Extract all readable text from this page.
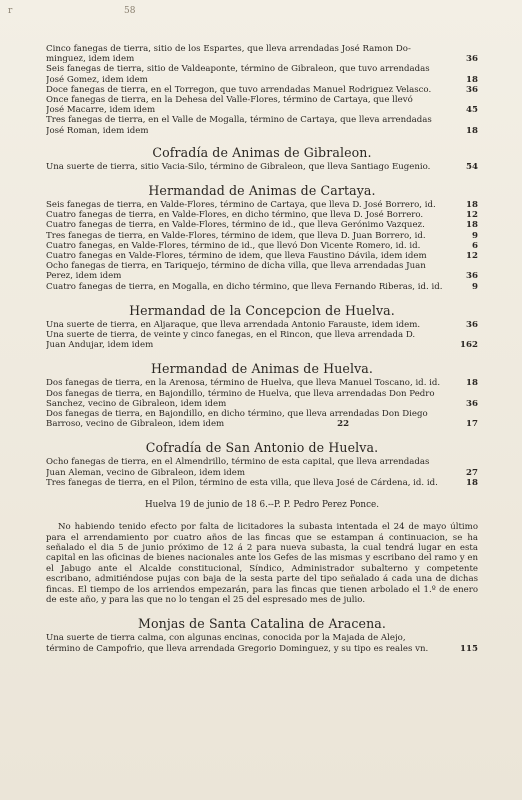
r	58
Cinco fanegas de tierra, sitio de los Espartes, que lleva arrendadas José Ramon Do-
minguez, idem idem	36
Seis fanegas de tierra, sitio de Valdeaponte, término de Gibraleon, que tuvo arrendadas
José Gomez, idem idem	18
Doce fanegas de tierra, en el Torregon, que tuvo arrendadas Manuel Rodriguez Velasco.	36
Once fanegas de tierra, en la Dehesa del Valle-Flores, término de Cartaya, que llevó
José Macarre, idem idem	45
Tres fanegas de tierra, en el Valle de Mogalla, término de Cartaya, que lleva arrendadas
José Roman, idem idem	18
Cofradía de Animas de Gibraleon.
Una suerte de tierra, sitio Vacia-Silo, término de Gibraleon, que lleva Santiago Eugenio.	54
Hermandad de Animas de Cartaya.
Seis fanegas de tierra, en Valde-Flores, término de Cartaya, que lleva D. José Borrero, id.	18
Cuatro fanegas de tierra, en Valde-Flores, en dicho término, que lleva D. José Borrero.	12
Cuatro fanegas de tierra, en Valde-Flores, término de id., que lleva Gerónimo Vazquez.	18
Tres fanegas de tierra, en Valde-Flores, término de idem, que lleva D. Juan Borrero, id.	9
Cuatro fanegas, en Valde-Flores, término de id., que llevó Don Vicente Romero, id. id.	6
Cuatro fanegas en Valde-Flores, término de idem, que lleva Faustino Dávila, idem idem	12
Ocho fanegas de tierra, en Tariquejo, término de dicha villa, que lleva arrendadas Juan
Perez, idem idem	36
Cuatro fanegas de tierra, en Mogalla, en dicho término, que lleva Fernando Riberas, id. id.	9
Hermandad de la Concepcion de Huelva.
Una suerte de tierra, en Aljaraque, que lleva arrendada Antonio Farauste, idem idem.	36
Una suerte de tierra, de veinte y cinco fanegas, en el Rincon, que lleva arrendada D.
Juan Andujar, idem idem	162
Hermandad de Animas de Huelva.
Dos fanegas de tierra, en la Arenosa, término de Huelva, que lleva Manuel Toscano, id. id.	18
Dos fanegas de tierra, en Bajondillo, término de Huelva, que lleva arrendadas Don Pedro
Sanchez, vecino de Gibraleon, idem idem	36
Dos fanegas de tierra, en Bajondillo, en dicho término, que lleva arrendadas Don Diego
Barroso, vecino de Gibraleon, idem idem	22	17
Cofradía de San Antonio de Huelva.
Ocho fanegas de tierra, en el Almendrillo, término de esta capital, que lleva arrendadas
Juan Aleman, vecino de Gibraleon, idem idem	27
Tres fanegas de tierra, en el Pilon, término de esta villa, que lleva José de Cárdena, id. id.	18
Huelva 19 de junio de 18 6.--P. P. Pedro Perez Ponce.

No habiendo tenido efecto por falta de licitadores la subasta intentada el 24 de mayo último para el arrendamiento por cuatro años de las fincas que se estampan á continuacion, se ha señalado el dia 5 de junio próximo de 12 á 2 para nueva subasta, la cual tendrá lugar en esta capital en las oficinas de bienes nacionales ante los Gefes de las mismas y escribano del ramo y en el Jabugo ante el Alcalde constitucional, Síndico, Administrador subalterno y competente escribano, admitiéndose pujas con baja de la sesta parte del tipo señalado á cada una de dichas fincas. El tiempo de los arriendos empezarán, para las fincas que tienen arbolado el 1.º de enero de este año, y para las que no lo tengan el 25 del espresado mes de julio.

Monjas de Santa Catalina de Aracena.
Una suerte de tierra calma, con algunas encinas, conocida por la Majada de Alejo,
término de Campofrio, que lleva arrendada Gregorio Dominguez, y su tipo es reales vn.	115
